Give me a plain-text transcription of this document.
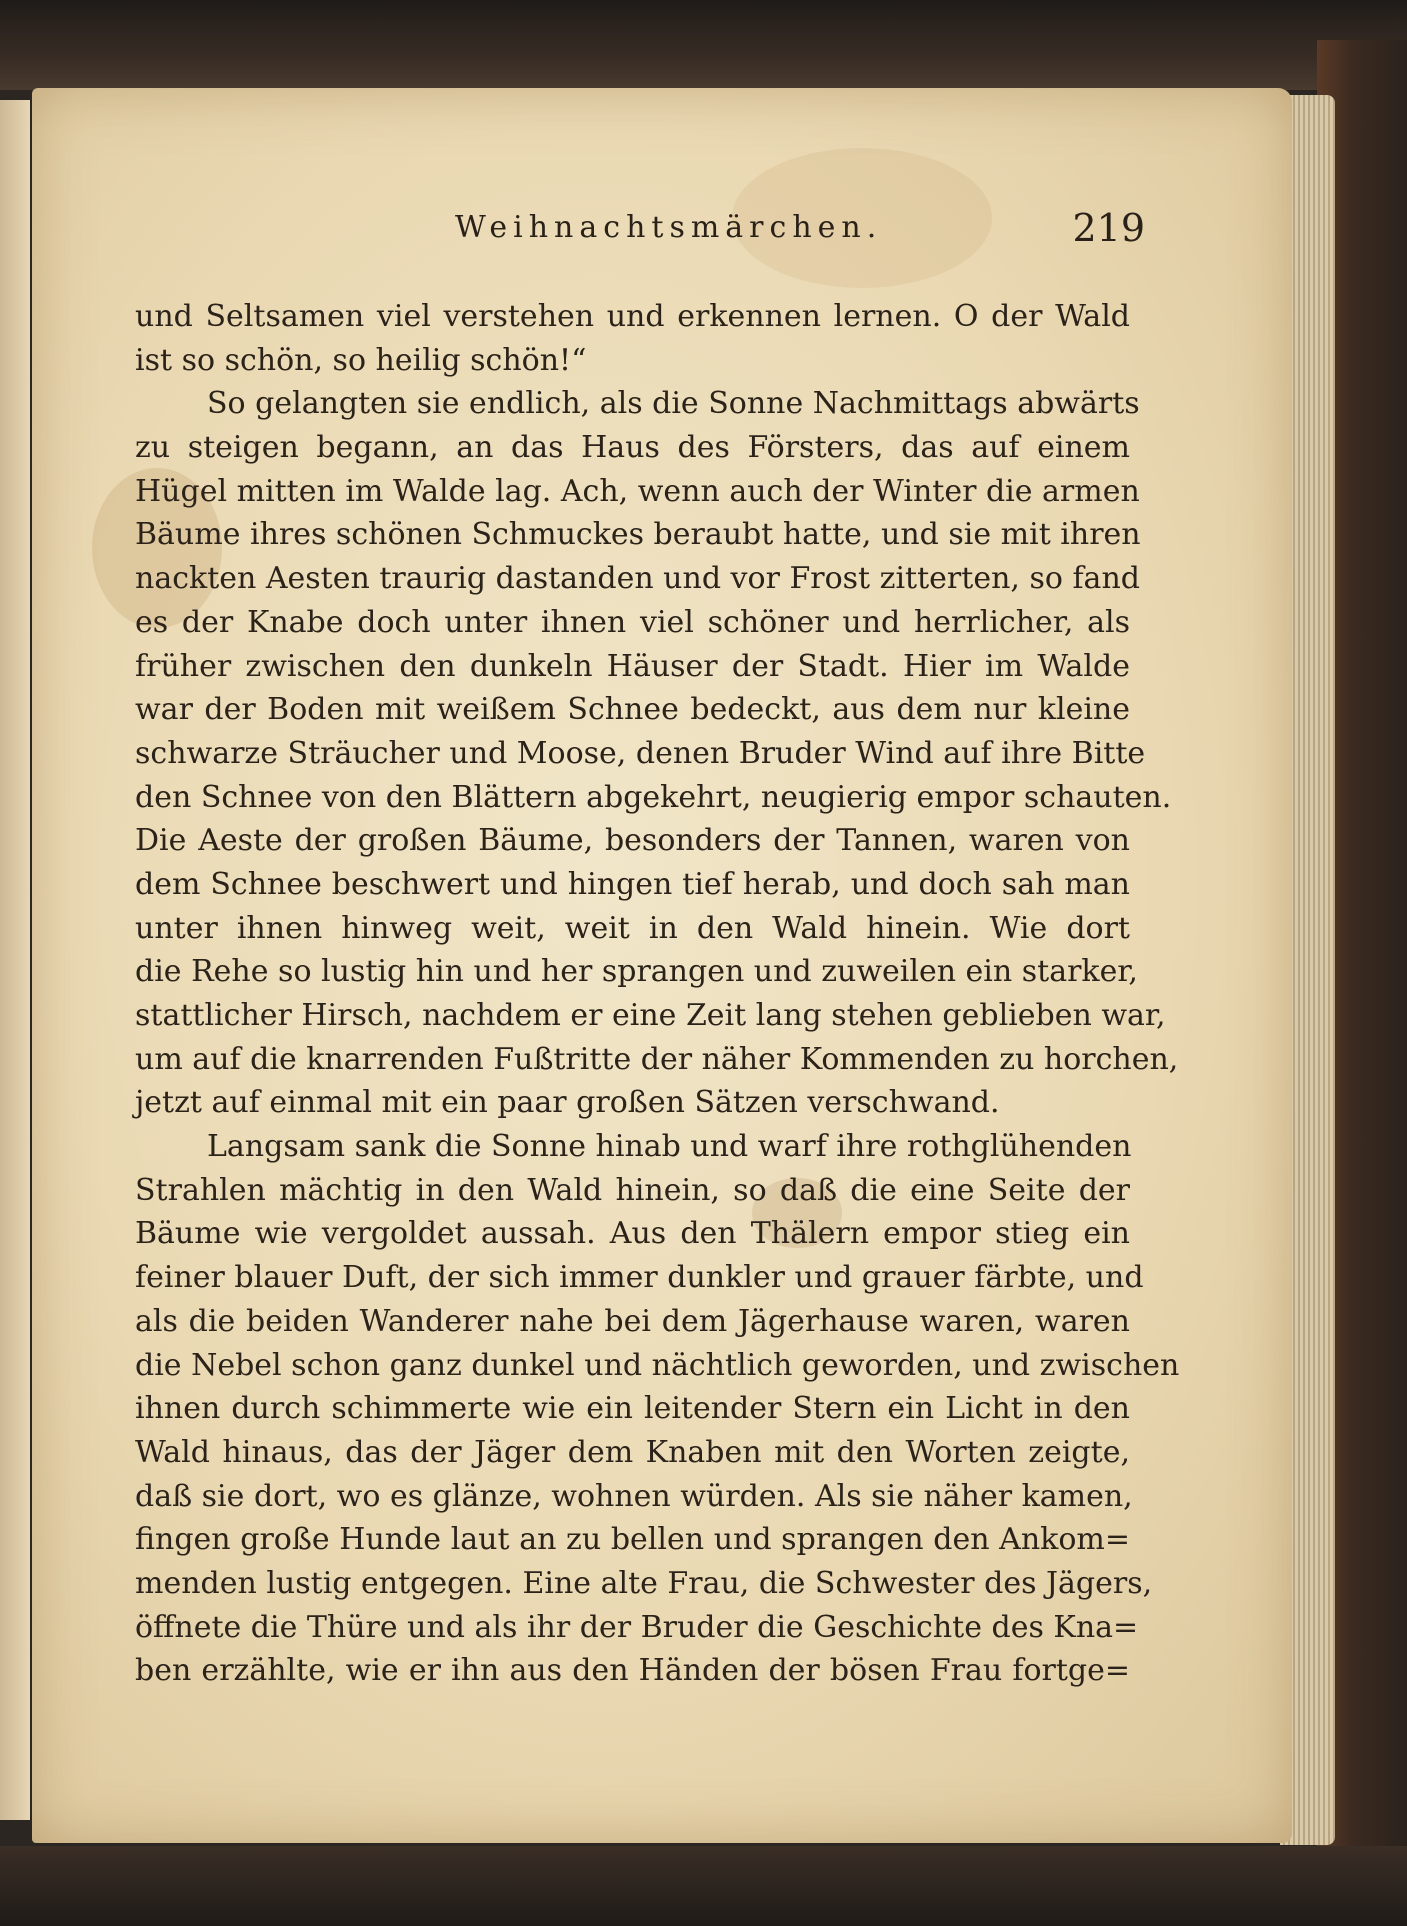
Weihnachtsmärchen.	219
und Seltsamen viel verstehen und erkennen lernen. O der Wald
ist so schön, so heilig schön!“
So gelangten sie endlich, als die Sonne Nachmittags abwärts
zu steigen begann, an das Haus des Försters, das auf einem
Hügel mitten im Walde lag. Ach, wenn auch der Winter die armen
Bäume ihres schönen Schmuckes beraubt hatte, und sie mit ihren
nackten Aesten traurig dastanden und vor Frost zitterten, so fand
es der Knabe doch unter ihnen viel schöner und herrlicher, als
früher zwischen den dunkeln Häuser der Stadt. Hier im Walde
war der Boden mit weißem Schnee bedeckt, aus dem nur kleine
schwarze Sträucher und Moose, denen Bruder Wind auf ihre Bitte
den Schnee von den Blättern abgekehrt, neugierig empor schauten.
Die Aeste der großen Bäume, besonders der Tannen, waren von
dem Schnee beschwert und hingen tief herab, und doch sah man
unter ihnen hinweg weit, weit in den Wald hinein. Wie dort
die Rehe so lustig hin und her sprangen und zuweilen ein starker,
stattlicher Hirsch, nachdem er eine Zeit lang stehen geblieben war,
um auf die knarrenden Fußtritte der näher Kommenden zu horchen,
jetzt auf einmal mit ein paar großen Sätzen verschwand.
Langsam sank die Sonne hinab und warf ihre rothglühenden
Strahlen mächtig in den Wald hinein, so daß die eine Seite der
Bäume wie vergoldet aussah. Aus den Thälern empor stieg ein
feiner blauer Duft, der sich immer dunkler und grauer färbte, und
als die beiden Wanderer nahe bei dem Jägerhause waren, waren
die Nebel schon ganz dunkel und nächtlich geworden, und zwischen
ihnen durch schimmerte wie ein leitender Stern ein Licht in den
Wald hinaus, das der Jäger dem Knaben mit den Worten zeigte,
daß sie dort, wo es glänze, wohnen würden. Als sie näher kamen,
fingen große Hunde laut an zu bellen und sprangen den Ankom=
menden lustig entgegen. Eine alte Frau, die Schwester des Jägers,
öffnete die Thüre und als ihr der Bruder die Geschichte des Kna=
ben erzählte, wie er ihn aus den Händen der bösen Frau fortge=
